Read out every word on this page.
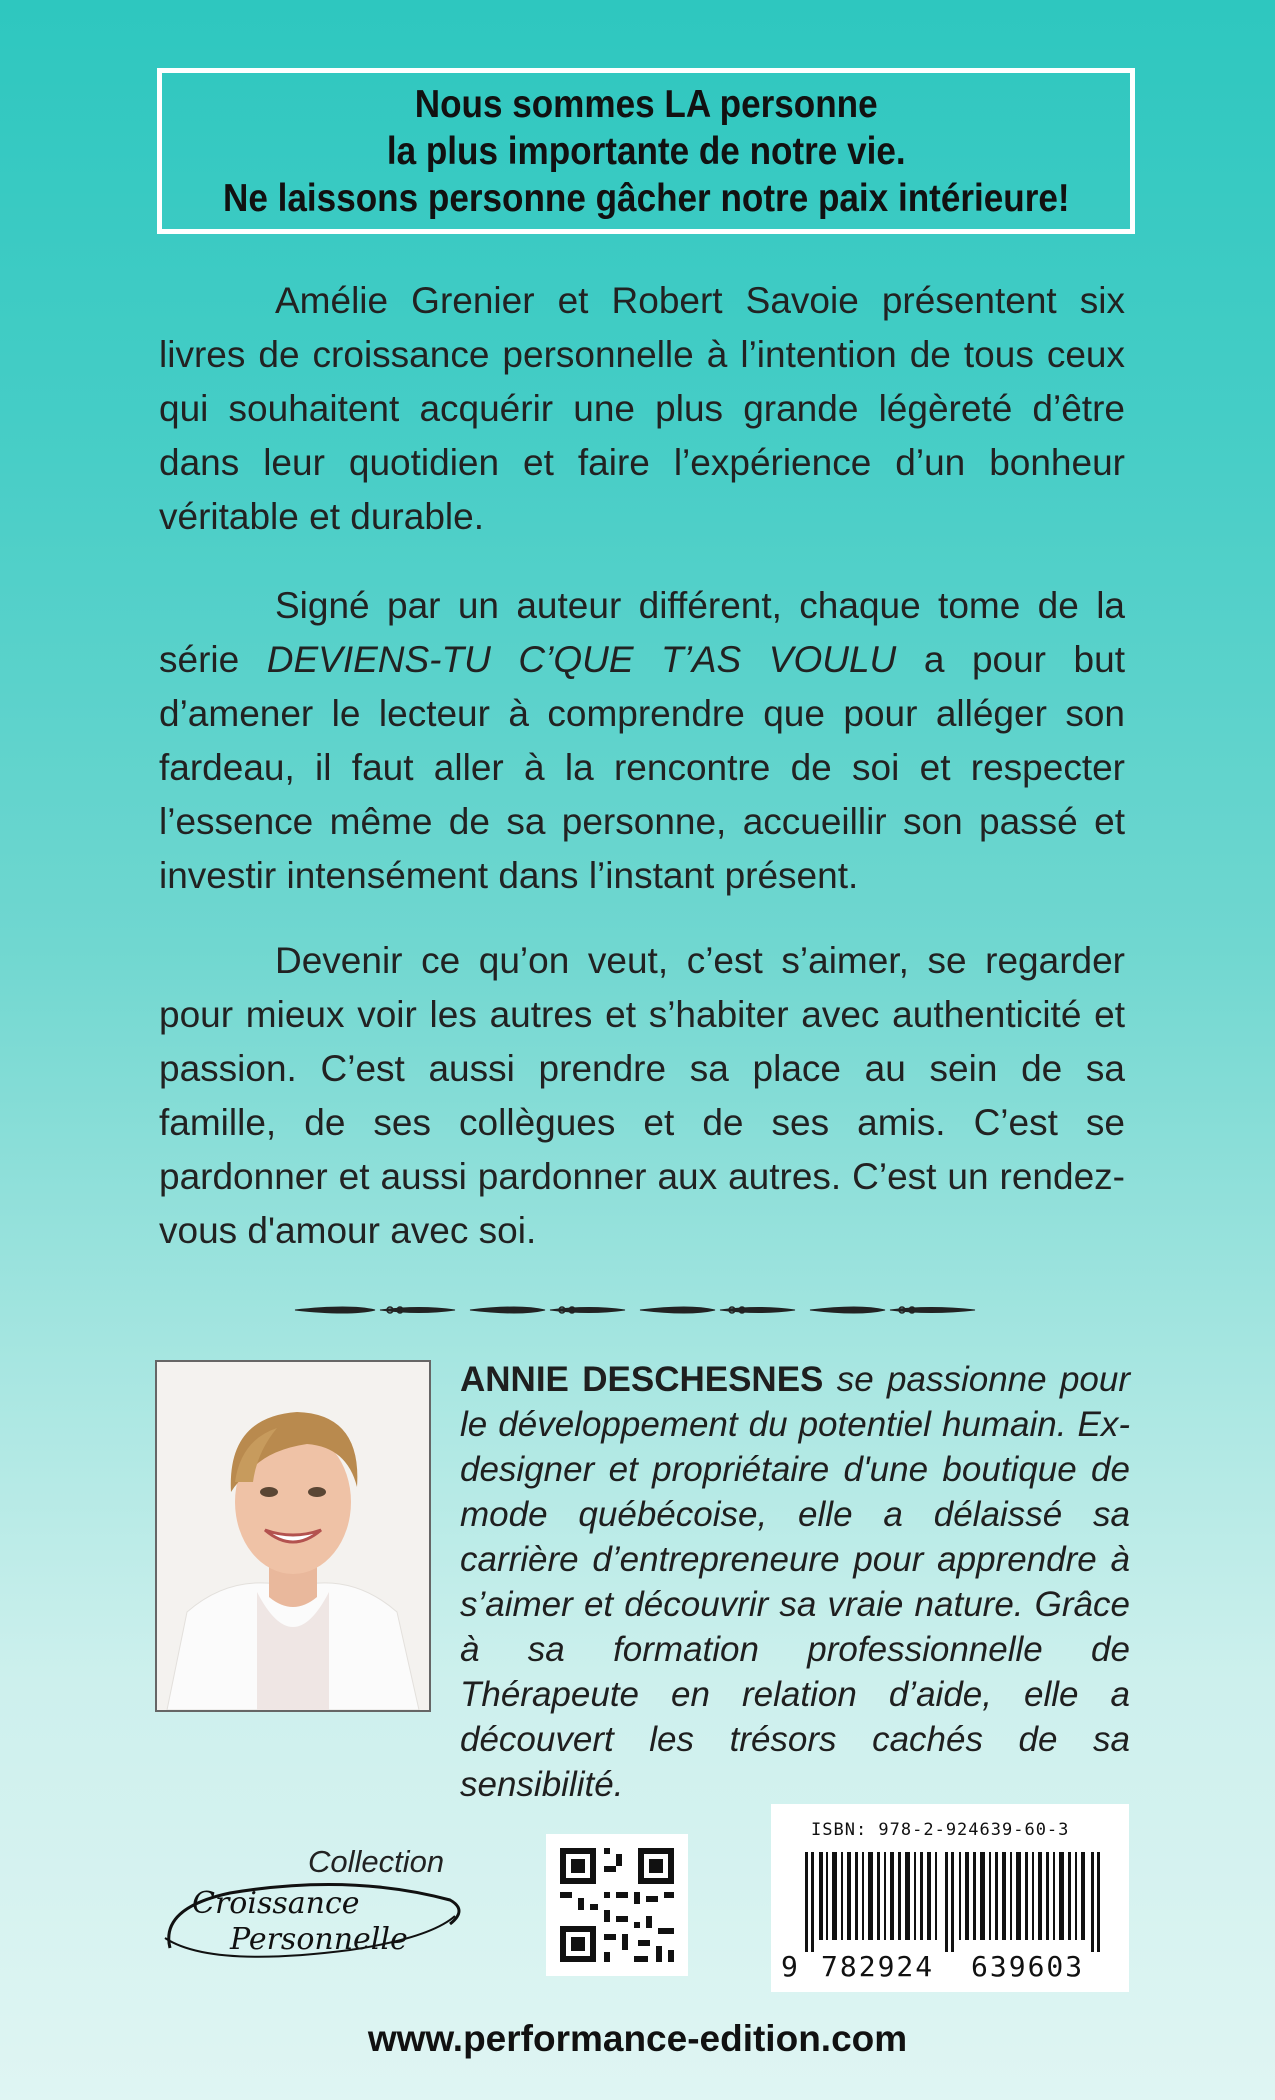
Nous sommes LA personne
la plus importante de notre vie.
Ne laissons personne gâcher notre paix intérieure!

Amélie Grenier et Robert Savoie présentent six livres de croissance personnelle à l’intention de tous ceux qui souhaitent acquérir une plus grande légèreté d’être dans leur quotidien et faire l’expérience d’un bonheur véritable et durable.

Signé par un auteur différent, chaque tome de la série DEVIENS-TU C’QUE T’AS VOULU a pour but d’amener le lecteur à comprendre que pour alléger son fardeau, il faut aller à la rencontre de soi et respecter l’essence même de sa personne, accueillir son passé et investir intensément dans l’instant présent.

Devenir ce qu’on veut, c’est s’aimer, se regarder pour mieux voir les autres et s’habiter avec authenticité et passion. C’est aussi prendre sa place au sein de sa famille, de ses collègues et de ses amis. C’est se pardonner et aussi pardonner aux autres. C’est un rendez-vous d'amour avec soi.

ANNIE DESCHESNES se passionne pour le développement du potentiel humain. Ex-designer et propriétaire d'une boutique de mode québécoise, elle a délaissé sa carrière d’entrepreneure pour apprendre à s’aimer et découvrir sa vraie nature. Grâce à sa formation professionnelle de Thérapeute en relation d’aide, elle a découvert les trésors cachés de sa sensibilité.
Collection
Croissance
Personnelle
ISBN: 978-2-924639-60-3
9 782924 639603
www.performance-edition.com
